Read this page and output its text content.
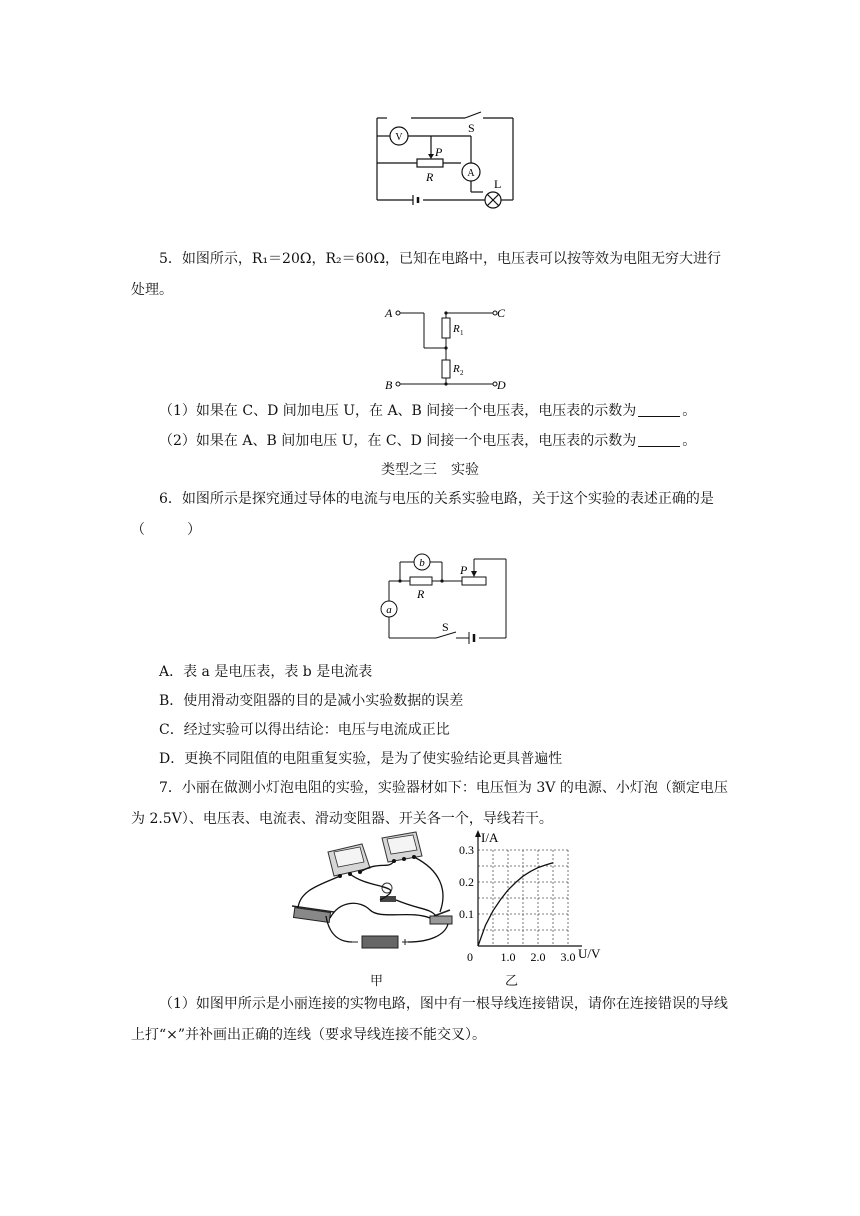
V
A
S
P
R	L
5．如图所示，R₁＝20Ω，R₂＝60Ω，已知在电路中，电压表可以按等效为电阻无穷大进行处理。
A	C
B	D
R 1
R 2
（1）如果在 C、D 间加电压 U，在 A、B 间接一个电压表，电压表的示数为	。
（2）如果在 A、B 间加电压 U，在 C、D 间接一个电压表，电压表的示数为	。
类型之三　实验
6．如图所示是探究通过导体的电流与电压的关系实验电路，关于这个实验的表述正确的是（　　　）
a
b	P
R
S
A．表 a 是电压表，表 b 是电流表
B．使用滑动变阻器的目的是减小实验数据的误差
C．经过实验可以得出结论：电压与电流成正比
D．更换不同阻值的电阻重复实验，是为了使实验结论更具普遍性
7．小丽在做测小灯泡电阻的实验，实验器材如下：电压恒为 3V 的电源、小灯泡（额定电压为 2.5V）、电压表、电流表、滑动变阻器、开关各一个，导线若干。
I/A
U/V
0 1.0 2.0 3.0
0.1
0.2
0.3
甲	乙
（1）如图甲所示是小丽连接的实物电路，图中有一根导线连接错误，请你在连接错误的导线上打“×”并补画出正确的连线（要求导线连接不能交叉）。
